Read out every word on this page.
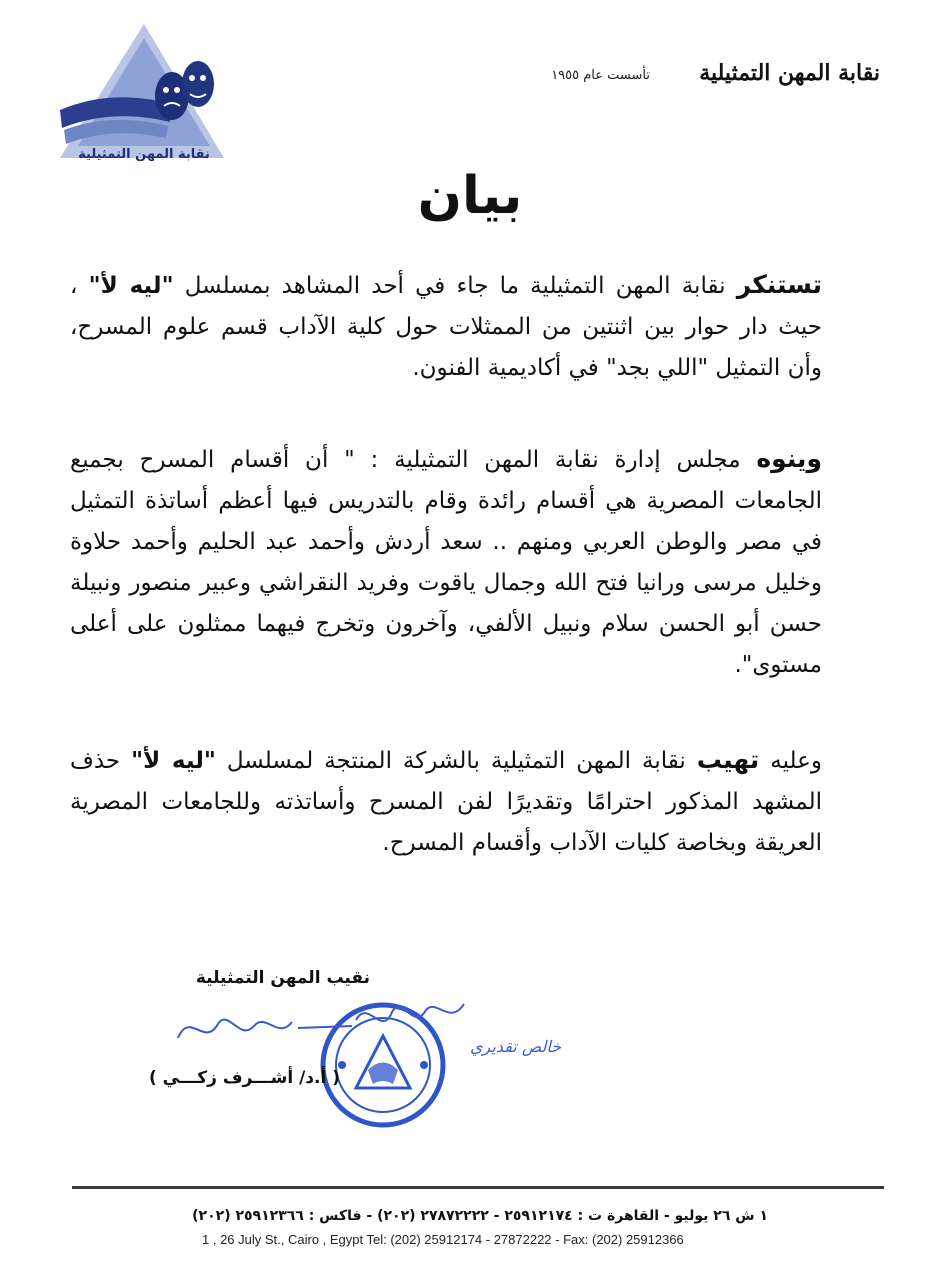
نقابة المهن التمثيلية
نقابة المهن التمثيلية
تأسست عام ١٩٥٥
بيان
تستنكر نقابة المهن التمثيلية ما جاء في أحد المشاهد بمسلسل "ليه لأ" ، حيث دار حوار بين اثنتين من الممثلات حول كلية الآداب قسم علوم المسرح، وأن التمثيل "اللي بجد" في أكاديمية الفنون.
وينوه مجلس إدارة نقابة المهن التمثيلية : " أن أقسام المسرح بجميع الجامعات المصرية هي أقسام رائدة وقام بالتدريس فيها أعظم أساتذة التمثيل في مصر والوطن العربي ومنهم .. سعد أردش وأحمد عبد الحليم وأحمد حلاوة وخليل مرسى ورانيا فتح الله وجمال ياقوت وفريد النقراشي وعبير منصور ونبيلة حسن أبو الحسن سلام ونبيل الألفي، وآخرون وتخرج فيهما ممثلون على أعلى مستوى".
وعليه تهيب نقابة المهن التمثيلية بالشركة المنتجة لمسلسل "ليه لأ" حذف المشهد المذكور احترامًا وتقديرًا لفن المسرح وأساتذته وللجامعات المصرية العريقة وبخاصة كليات الآداب وأقسام المسرح.
نقيب المهن التمثيلية
خالص تقديري
( أ.د/ أشـــرف زكـــي )
١ ش ٢٦ يوليو - القاهرة ت : ٢٥٩١٢١٧٤ - ٢٧٨٧٢٢٢٢ (٢٠٢) - فاكس : ٢٥٩١٢٣٦٦ (٢٠٢)
1 , 26 July St., Cairo , Egypt Tel: (202) 25912174 - 27872222 - Fax: (202) 25912366
